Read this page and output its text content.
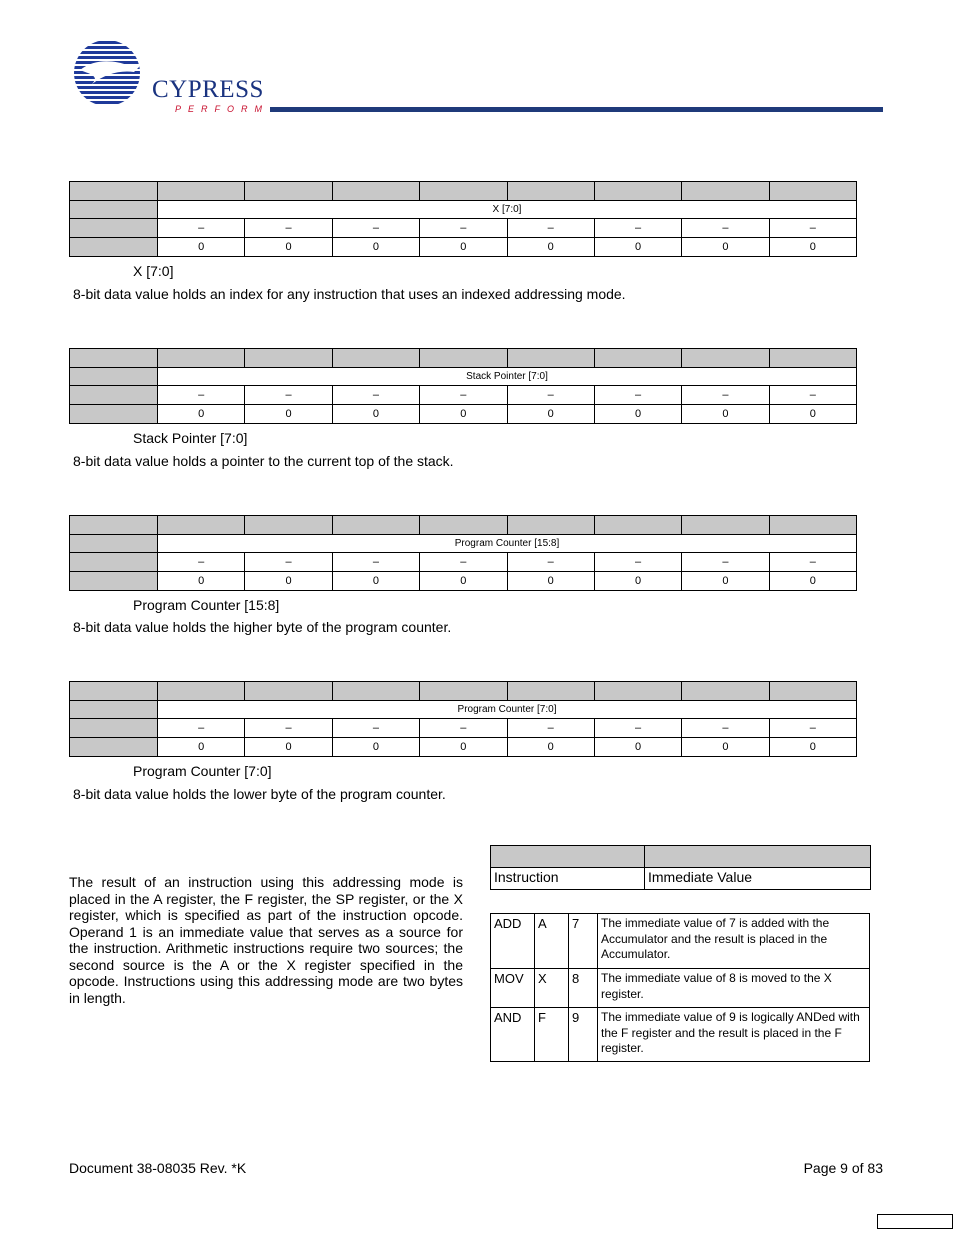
CYPRESS
PERFORM

	X [7:0]							
	–	–	–	–	–	–	–	–
	0	0	0	0	0	0	0	0
X [7:0]
8-bit data value holds an index for any instruction that uses an indexed addressing mode.

	Stack Pointer [7:0]							
	–	–	–	–	–	–	–	–
	0	0	0	0	0	0	0	0
Stack Pointer [7:0]
8-bit data value holds a pointer to the current top of the stack.

	Program Counter [15:8]							
	–	–	–	–	–	–	–	–
	0	0	0	0	0	0	0	0
Program Counter [15:8]
8-bit data value holds the higher byte of the program counter.

	Program Counter [7:0]							
	–	–	–	–	–	–	–	–
	0	0	0	0	0	0	0	0
Program Counter [7:0]
8-bit data value holds the lower byte of the program counter.
The result of an instruction using this addressing mode is placed in the A register, the F register, the SP register, or the X register, which is specified as part of the instruction opcode. Operand 1 is an immediate value that serves as a source for the instruction. Arithmetic instructions require two sources; the second source is the A or the X register specified in the opcode. Instructions using this addressing mode are two bytes in length.

Instruction	Immediate Value
ADD	A	7	The immediate value of 7 is added with the Accumulator and the result is placed in the Accumulator.
MOV	X	8	The immediate value of 8 is moved to the X register.
AND	F	9	The immediate value of 9 is logically ANDed with the F register and the result is placed in the F register.
Document 38-08035 Rev. *K	Page 9 of 83
